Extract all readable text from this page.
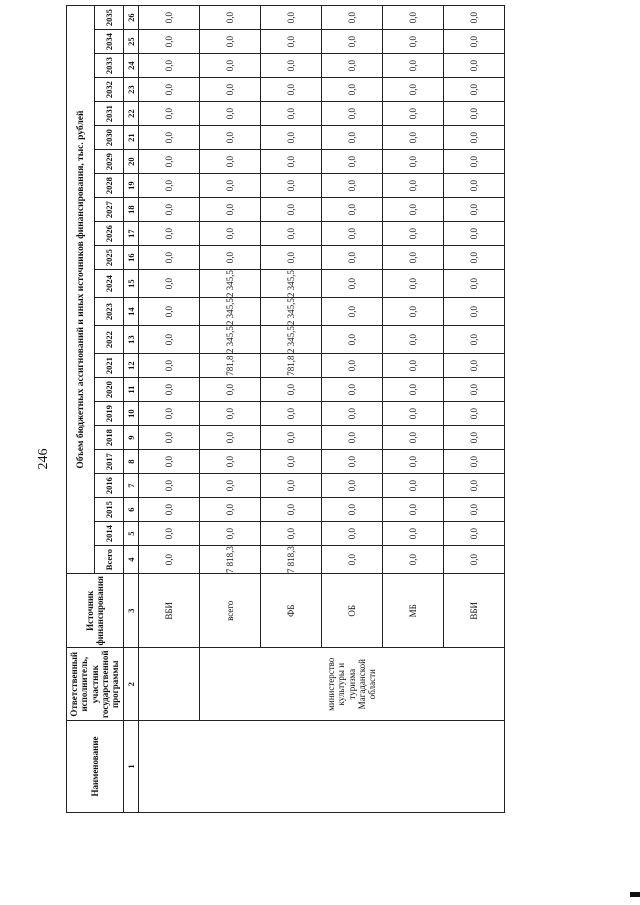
246
Наименование	Ответственный исполнитель, участник государственной программы	Источник финансирования	Объем бюджетных ассигнований и иных источников финансирования, тыс. рублей																						
			Всего	2014	2015	2016	2017	2018	2019	2020	2021	2022	2023	2024	2025	2026	2027	2028	2029	2030	2031	2032	2033	2034	2035
1	2	3	4	5	6	7	8	9	10	11	12	13	14	15	16	17	18	19	20	21	22	23	24	25	26
		ВБИ	0,0	0,0	0,0	0,0	0,0	0,0	0,0	0,0	0,0	0,0	0,0	0,0	0,0	0,0	0,0	0,0	0,0	0,0	0,0	0,0	0,0	0,0	0,0
	министерство культуры и туризма Магаданской области	всего	7 818,3	0,0	0,0	0,0	0,0	0,0	0,0	0,0	781,8	2 345,5	2 345,5	2 345,5	0,0	0,0	0,0	0,0	0,0	0,0	0,0	0,0	0,0	0,0	0,0
		ФБ	7 818,3	0,0	0,0	0,0	0,0	0,0	0,0	0,0	781,8	2 345,5	2 345,5	2 345,5	0,0	0,0	0,0	0,0	0,0	0,0	0,0	0,0	0,0	0,0	0,0
		ОБ	0,0	0,0	0,0	0,0	0,0	0,0	0,0	0,0	0,0	0,0	0,0	0,0	0,0	0,0	0,0	0,0	0,0	0,0	0,0	0,0	0,0	0,0	0,0
		МБ	0,0	0,0	0,0	0,0	0,0	0,0	0,0	0,0	0,0	0,0	0,0	0,0	0,0	0,0	0,0	0,0	0,0	0,0	0,0	0,0	0,0	0,0	0,0
		ВБИ	0,0	0,0	0,0	0,0	0,0	0,0	0,0	0,0	0,0	0,0	0,0	0,0	0,0	0,0	0,0	0,0	0,0	0,0	0,0	0,0	0,0	0,0	0,0
